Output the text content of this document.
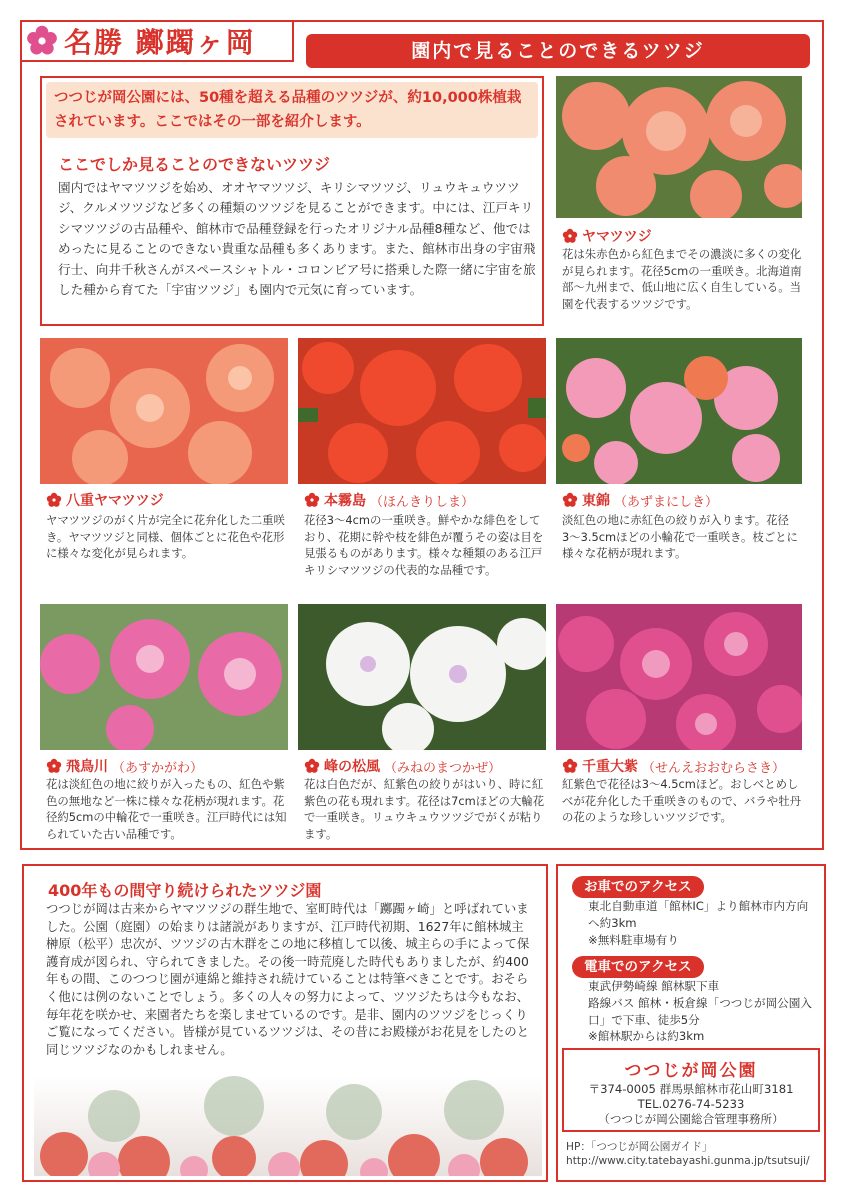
名勝 躑躅ヶ岡	園内で見ることのできるツツジ
つつじが岡公園には、50種を超える品種のツツジが、約10,000株植栽されています。ここではその一部を紹介します。
ここでしか見ることのできないツツジ
園内ではヤマツツジを始め、オオヤマツツジ、キリシマツツジ、リュウキュウツツジ、クルメツツジなど多くの種類のツツジを見ることができます。中には、江戸キリシマツツジの古品種や、館林市で品種登録を行ったオリジナル品種8種など、他ではめったに見ることのできない貴重な品種も多くあります。また、館林市出身の宇宙飛行士、向井千秋さんがスペースシャトル・コロンビア号に搭乗した際一緒に宇宙を旅した種から育てた「宇宙ツツジ」も園内で元気に育っています。
ヤマツツジ
花は朱赤色から紅色までその濃淡に多くの変化が見られます。花径5cmの一重咲き。北海道南部〜九州まで、低山地に広く自生している。当園を代表するツツジです。
八重ヤマツツジ
ヤマツツジのがく片が完全に花弁化した二重咲き。ヤマツツジと同様、個体ごとに花色や花形に様々な変化が見られます。
本霧島 （ほんきりしま）
花径3〜4cmの一重咲き。鮮やかな緋色をしており、花期に幹や枝を緋色が覆うその姿は目を見張るものがあります。様々な種類のある江戸キリシマツツジの代表的な品種です。
東錦 （あずまにしき）
淡紅色の地に赤紅色の絞りが入ります。花径3〜3.5cmほどの小輪花で一重咲き。枝ごとに様々な花柄が現れます。
飛鳥川 （あすかがわ）
花は淡紅色の地に絞りが入ったもの、紅色や紫色の無地など一株に様々な花柄が現れます。花径約5cmの中輪花で一重咲き。江戸時代には知られていた古い品種です。
峰の松風 （みねのまつかぜ）
花は白色だが、紅紫色の絞りがはいり、時に紅紫色の花も現れます。花径は7cmほどの大輪花で一重咲き。リュウキュウツツジでがくが粘ります。
千重大紫 （せんえおおむらさき）
紅紫色で花径は3〜4.5cmほど。おしべとめしべが花弁化した千重咲きのもので、バラや牡丹の花のような珍しいツツジです。
400年もの間守り続けられたツツジ園
つつじが岡は古来からヤマツツジの群生地で、室町時代は「躑躅ヶ崎」と呼ばれていました。公園（庭園）の始まりは諸説がありますが、江戸時代初期、1627年に館林城主 榊原（松平）忠次が、ツツジの古木群をこの地に移植して以後、城主らの手によって保護育成が図られ、守られてきました。その後一時荒廃した時代もありましたが、約400年もの間、このつつじ園が連綿と維持され続けていることは特筆べきことです。おそらく他には例のないことでしょう。多くの人々の努力によって、ツツジたちは今もなお、毎年花を咲かせ、来園者たちを楽しませているのです。是非、園内のツツジをじっくりご覧になってください。皆様が見ているツツジは、その昔にお殿様がお花見をしたのと同じツツジなのかもしれません。
お車でのアクセス
東北自動車道「館林IC」より館林市内方向へ約3km
※無料駐車場有り
電車でのアクセス
東武伊勢崎線 館林駅下車
路線バス 館林・板倉線「つつじが岡公園入口」で下車、徒歩5分
※館林駅からは約3km
つつじが岡公園
〒374-0005 群馬県館林市花山町3181
TEL.0276-74-5233
（つつじが岡公園総合管理事務所）
HP：「つつじが岡公園ガイド」
http://www.city.tatebayashi.gunma.jp/tsutsuji/
